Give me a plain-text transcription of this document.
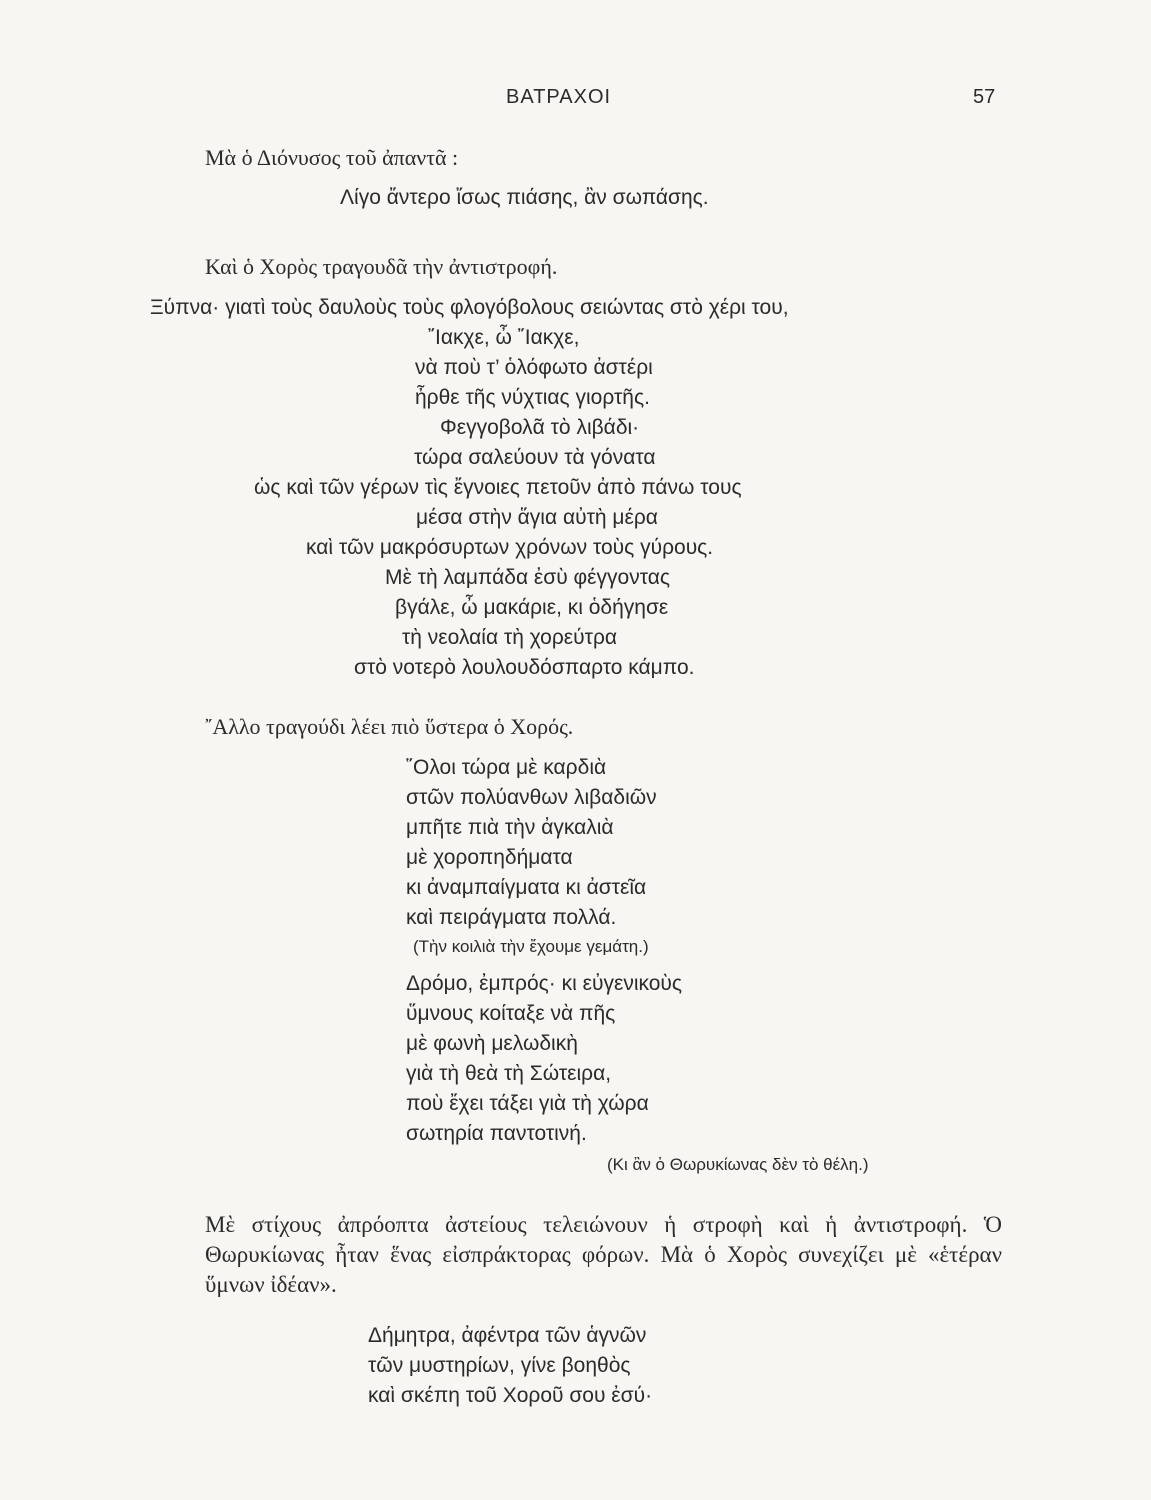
ΒΑΤΡΑΧΟΙ	57
Μὰ ὁ Διόνυσος τοῦ ἀπαντᾶ :
Λίγο ἄντερο ἴσως πιάσης, ἂν σωπάσης.
Καὶ ὁ Χορὸς τραγουδᾶ τὴν ἀντιστροφή.
Ξύπνα· γιατὶ τοὺς δαυλοὺς τοὺς φλογόβολους σειώντας στὸ χέρι του,
῎Ιακχε, ὦ ῎Ιακχε,
νὰ ποὺ τ’ ὁλόφωτο ἀστέρι
ἦρθε τῆς νύχτιας γιορτῆς.
Φεγγοβολᾶ τὸ λιβάδι·
τώρα σαλεύουν τὰ γόνατα
ὡς καὶ τῶν γέρων τὶς ἔγνοιες πετοῦν ἀπὸ πάνω τους
μέσα στὴν ἅγια αὐτὴ μέρα
καὶ τῶν μακρόσυρτων χρόνων τοὺς γύρους.
Μὲ τὴ λαμπάδα ἐσὺ φέγγοντας
βγάλε, ὦ μακάριε, κι ὁδήγησε
τὴ νεολαία τὴ χορεύτρα
στὸ νοτερὸ λουλουδόσπαρτο κάμπο.
῎Αλλο τραγούδι λέει πιὸ ὕστερα ὁ Χορός.
῞Ολοι τώρα μὲ καρδιὰ
στῶν πολύανθων λιβαδιῶν
μπῆτε πιὰ τὴν ἀγκαλιὰ
μὲ χοροπηδήματα
κι ἀναμπαίγματα κι ἀστεῖα
καὶ πειράγματα πολλά.
(Τὴν κοιλιὰ τὴν ἔχουμε γεμάτη.)
Δρόμο, ἐμπρός· κι εὐγενικοὺς
ὕμνους κοίταξε νὰ πῆς
μὲ φωνὴ μελωδικὴ
γιὰ τὴ θεὰ τὴ Σώτειρα,
ποὺ ἔχει τάξει γιὰ τὴ χώρα
σωτηρία παντοτινή.
(Κι ἂν ὁ Θωρυκίωνας δὲν τὸ θέλη.)
Μὲ στίχους ἀπρόοπτα ἀστείους τελειώνουν ἡ στροφὴ καὶ ἡ ἀντιστροφή. Ὁ Θωρυκίωνας ἦταν ἕνας εἰσπράκτορας φόρων. Μὰ ὁ Χορὸς συνεχίζει μὲ «ἑτέραν ὕμνων ἰδέαν».
Δήμητρα, ἀφέντρα τῶν ἁγνῶν
τῶν μυστηρίων, γίνε βοηθὸς
καὶ σκέπη τοῦ Χοροῦ σου ἐσύ·
